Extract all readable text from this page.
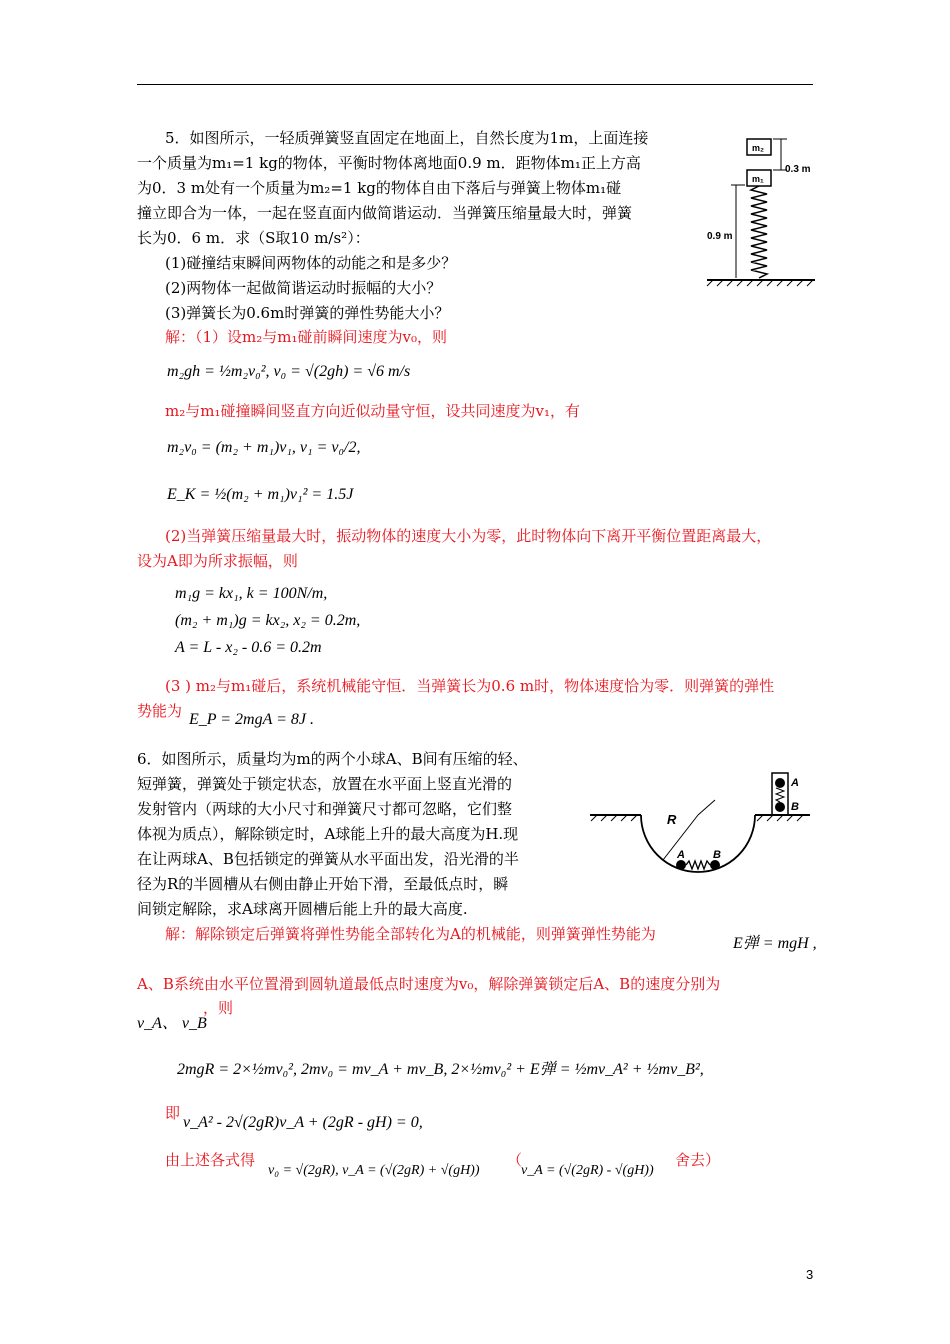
5．如图所示，一轻质弹簧竖直固定在地面上，自然长度为1m，上面连接
一个质量为m₁=1 kg的物体，平衡时物体离地面0.9 m．距物体m₁正上方高
为0．3 m处有一个质量为m₂=1 kg的物体自由下落后与弹簧上物体m₁碰
撞立即合为一体，一起在竖直面内做简谐运动．当弹簧压缩量最大时，弹簧
长为0．6 m．求（S取10 m/s²）：
(1)碰撞结束瞬间两物体的动能之和是多少？
(2)两物体一起做简谐运动时振幅的大小？
(3)弹簧长为0.6m时弹簧的弹性势能大小？
m₂
m₁
0.3 m
0.9 m
解：（1）设m₂与m₁碰前瞬间速度为v₀，则
m₂gh = ½m₂v₀², v₀ = √(2gh) = √6 m/s
m₂与m₁碰撞瞬间竖直方向近似动量守恒，设共同速度为v₁，有
m₂v₀ = (m₂ + m₁)v₁, v₁ = v₀/2,
E_K = ½(m₂ + m₁)v₁² = 1.5J
(2)当弹簧压缩量最大时，振动物体的速度大小为零，此时物体向下离开平衡位置距离最大，
设为A即为所求振幅，则
m₁g = kx₁, k = 100N/m,
(m₂ + m₁)g = kx₂, x₂ = 0.2m,
A = L - x₂ - 0.6 = 0.2m
(3 ) m₂与m₁碰后，系统机械能守恒．当弹簧长为0.6 m时，物体速度恰为零．则弹簧的弹性
势能为 E_P = 2mgA = 8J .
6．如图所示，质量均为m的两个小球A、B间有压缩的轻、
短弹簧，弹簧处于锁定状态，放置在水平面上竖直光滑的
发射管内（两球的大小尺寸和弹簧尺寸都可忽略，它们整
体视为质点），解除锁定时，A球能上升的最大高度为H.现
在让两球A、B包括锁定的弹簧从水平面出发，沿光滑的半
径为R的半圆槽从右侧由静止开始下滑，至最低点时，瞬
间锁定解除，求A球离开圆槽后能上升的最大高度.
R
A	B
A
B
解：解除锁定后弹簧将弹性势能全部转化为A的机械能，则弹簧弹性势能为
E弹 = mgH ,
A、B系统由水平位置滑到圆轨道最低点时速度为v₀，解除弹簧锁定后A、B的速度分别为
，则
v_A、 v_B
2mgR = 2×½mv₀², 2mv₀ = mv_A + mv_B, 2×½mv₀² + E弹 = ½mv_A² + ½mv_B²,
即
v_A² - 2√(2gR)v_A + (2gR - gH) = 0,
由上述各式得
v₀ = √(2gR), v_A = (√(2gR) + √(gH))
（
v_A = (√(2gR) - √(gH))
舍去）
3
